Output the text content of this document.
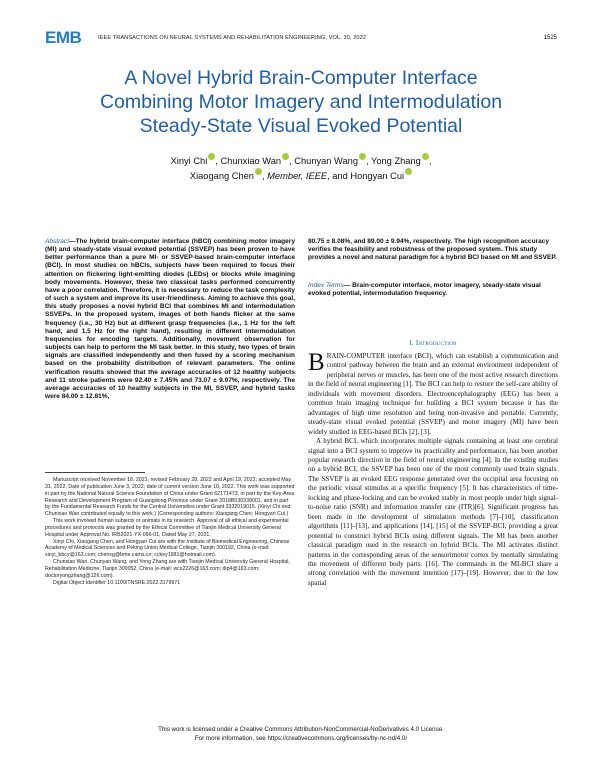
EMB	IEEE TRANSACTIONS ON NEURAL SYSTEMS AND REHABILITATION ENGINEERING, VOL. 30, 2022	1525
A Novel Hybrid Brain-Computer Interface
Combining Motor Imagery and Intermodulation
Steady-State Visual Evoked Potential
Xinyi Chi , Chunxiao Wan , Chunyan Wang , Yong Zhang ,
Xiaogang Chen , Member, IEEE, and Hongyan Cui
Abstract—The hybrid brain-computer interface (hBCI) combining motor imagery (MI) and steady-state visual evoked potential (SSVEP) has been proven to have better performance than a pure MI- or SSVEP-based brain-computer interface (BCI). In most studies on hBCIs, subjects have been required to focus their attention on flickering light-emitting diodes (LEDs) or blocks while imagining body movements. However, these two classical tasks performed concurrently have a poor correlation. Therefore, it is necessary to reduce the task complexity of such a system and improve its user-friendliness. Aiming to achieve this goal, this study proposes a novel hybrid BCI that combines MI and intermodulation SSVEPs. In the proposed system, images of both hands flicker at the same frequency (i.e., 30 Hz) but at different grasp frequencies (i.e., 1 Hz for the left hand, and 1.5 Hz for the right hand), resulting in different intermodulation frequencies for encoding targets. Additionally, movement observation for subjects can help to perform the MI task better. In this study, two types of brain signals are classified independently and then fused by a scoring mechanism based on the probability distribution of relevant parameters. The online verification results showed that the average accuracies of 12 healthy subjects and 11 stroke patients were 92.40 ± 7.45% and 73.07 ± 9.07%, respectively. The average accuracies of 10 healthy subjects in the MI, SSVEP, and hybrid tasks were 84.00 ± 12.81%,
80.75 ± 8.08%, and 89.00 ± 9.94%, respectively. The high recognition accuracy verifies the feasibility and robustness of the proposed system. This study provides a novel and natural paradigm for a hybrid BCI based on MI and SSVEP.
Index Terms— Brain-computer interface, motor imagery, steady-state visual evoked potential, intermodulation frequency.

Manuscript received November 18, 2021; revised February 28, 2022 and April 19, 2022; accepted May 31, 2022. Date of publication June 3, 2022; date of current version June 10, 2022. This work was supported in part by the National Natural Science Foundation of China under Grant 62171473, in part by the Key-Area Research and Development Program of Guangdong Province under Grant 2018B030339001, and in part by the Fundamental Research Funds for the Central Universities under Grant 3332019015. (Xinyi Chi and Chunxiao Wan contributed equally to this work.) (Corresponding authors: Xiaogang Chen; Hongyan Cui.)

This work involved human subjects or animals in its research. Approval of all ethical and experimental procedures and protocols was granted by the Ethical Committee of Tianjin Medical University General Hospital under Approval No. IRB2021-YX-096-01, Dated May 27, 2021.

Xinyi Chi, Xiaogang Chen, and Hongyan Cui are with the Institute of Biomedical Engineering, Chinese Academy of Medical Sciences and Peking Union Medical College, Tianjin 300192, China (e-mail: xinyi_bbcy@163.com; chenxg@bme.cams.cn; cckey1981@hotmail.com).

Chunxiao Wan, Chunyan Wang, and Yong Zhang are with Tianjin Medical University General Hospital, Rehabilitation Medicine, Tianjin 300052, China (e-mail: wcx2226@163.com; dip4@163.com; doctoryongzhang@126.com).

Digital Object Identifier 10.1109/TNSRE.2022.3179971

I. Introduction

BRAIN-COMPUTER interface (BCI), which can establish a communication and control pathway between the brain and an external environment independent of peripheral nerves or muscles, has been one of the most active research directions in the field of neural engineering [1]. The BCI can help to restore the self-care ability of individuals with movement disorders. Electroencephalography (EEG) has been a common brain imaging technique for building a BCI system because it has the advantages of high time resolution and being non-invasive and portable. Currently, steady-state visual evoked potential (SSVEP) and motor imagery (MI) have been widely studied in EEG-based BCIs [2], [3].

A hybrid BCI, which incorporates multiple signals containing at least one cerebral signal into a BCI system to improve its practicality and performance, has been another popular research direction in the field of neural engineering [4]. In the existing studies on a hybrid BCI, the SSVEP has been one of the most commonly used brain signals. The SSVEP is an evoked EEG response generated over the occipital area focusing on the periodic visual stimulus at a specific frequency [5]. It has characteristics of time-locking and phase-locking and can be evoked stably in most people under high signal-to-noise ratio (SNR) and information transfer rate (ITR)[6]. Significant progress has been made in the development of stimulation methods [7]–[10], classification algorithms [11]–[13], and applications [14], [15] of the SSVEP-BCI, providing a great potential to construct hybrid BCIs using different signals. The MI has been another classical paradigm used in the research on hybrid BCIs. The MI activates distinct patterns in the corresponding areas of the sensorimotor cortex by mentally simulating the movement of different body parts. [16]. The commands in the MI-BCI share a strong correlation with the movement intention [17]–[19]. However, due to the low spatial

This work is licensed under a Creative Commons Attribution-NonCommercial-NoDerivatives 4.0 License.
For more information, see https://creativecommons.org/licenses/by-nc-nd/4.0/
